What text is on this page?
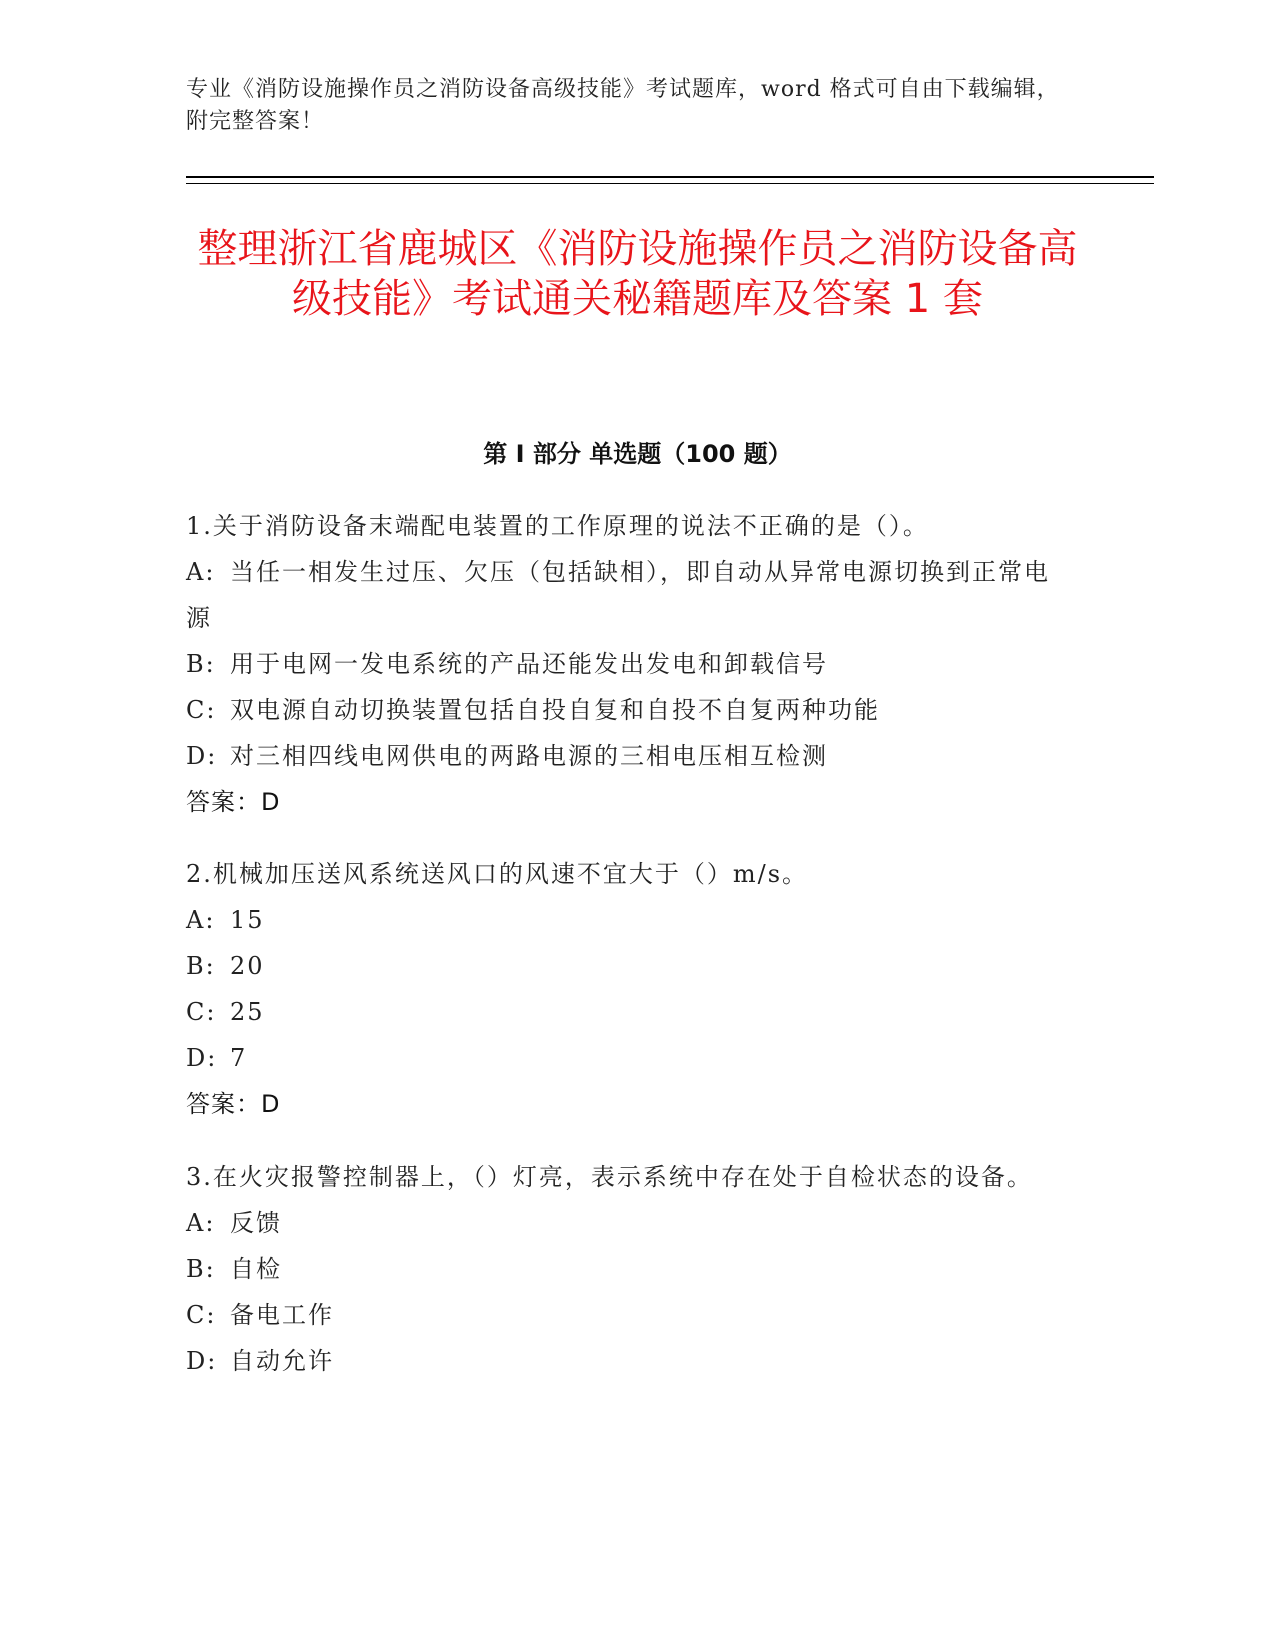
专业《消防设施操作员之消防设备高级技能》考试题库，word 格式可自由下载编辑，附完整答案！
整理浙江省鹿城区《消防设施操作员之消防设备高级技能》考试通关秘籍题库及答案 1 套
第 I 部分 单选题（100 题）
1.关于消防设备末端配电装置的工作原理的说法不正确的是（）。
A: 当任一相发生过压、欠压（包括缺相），即自动从异常电源切换到正常电源
B: 用于电网一发电系统的产品还能发出发电和卸载信号
C: 双电源自动切换装置包括自投自复和自投不自复两种功能
D: 对三相四线电网供电的两路电源的三相电压相互检测
答案：D
2.机械加压送风系统送风口的风速不宜大于（）m/s。
A: 15
B: 20
C: 25
D: 7
答案：D
3.在火灾报警控制器上，（）灯亮，表示系统中存在处于自检状态的设备。
A: 反馈
B: 自检
C: 备电工作
D: 自动允许
